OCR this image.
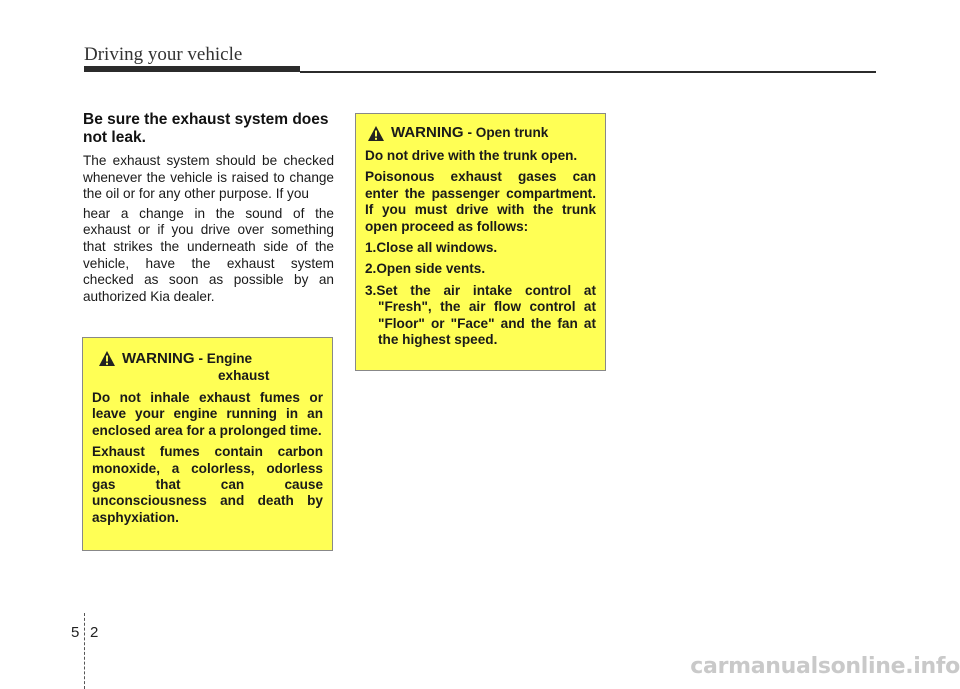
Driving your vehicle
Be sure the exhaust system does not leak.

The exhaust system should be checked whenever the vehicle is raised to change the oil or for any other purpose. If you

hear a change in the sound of the exhaust or if you drive over something that strikes the underneath side of the vehicle, have the exhaust system checked as soon as possible by an authorized Kia dealer.

WARNING - Engine
exhaust

Do not inhale exhaust fumes or leave your engine running in an enclosed area for a prolonged time.

Exhaust fumes contain carbon monoxide, a colorless, odorless gas that can cause unconsciousness and death by asphyxiation.

WARNING - Open trunk

Do not drive with the trunk open.

Poisonous exhaust gases can enter the passenger compartment. If you must drive with the trunk open proceed as follows:

1.Close all windows.
2.Open side vents.
3.Set the air intake control at "Fresh", the air flow control at "Floor" or "Face" and the fan at the highest speed.
5 2
carmanualsonline.info
